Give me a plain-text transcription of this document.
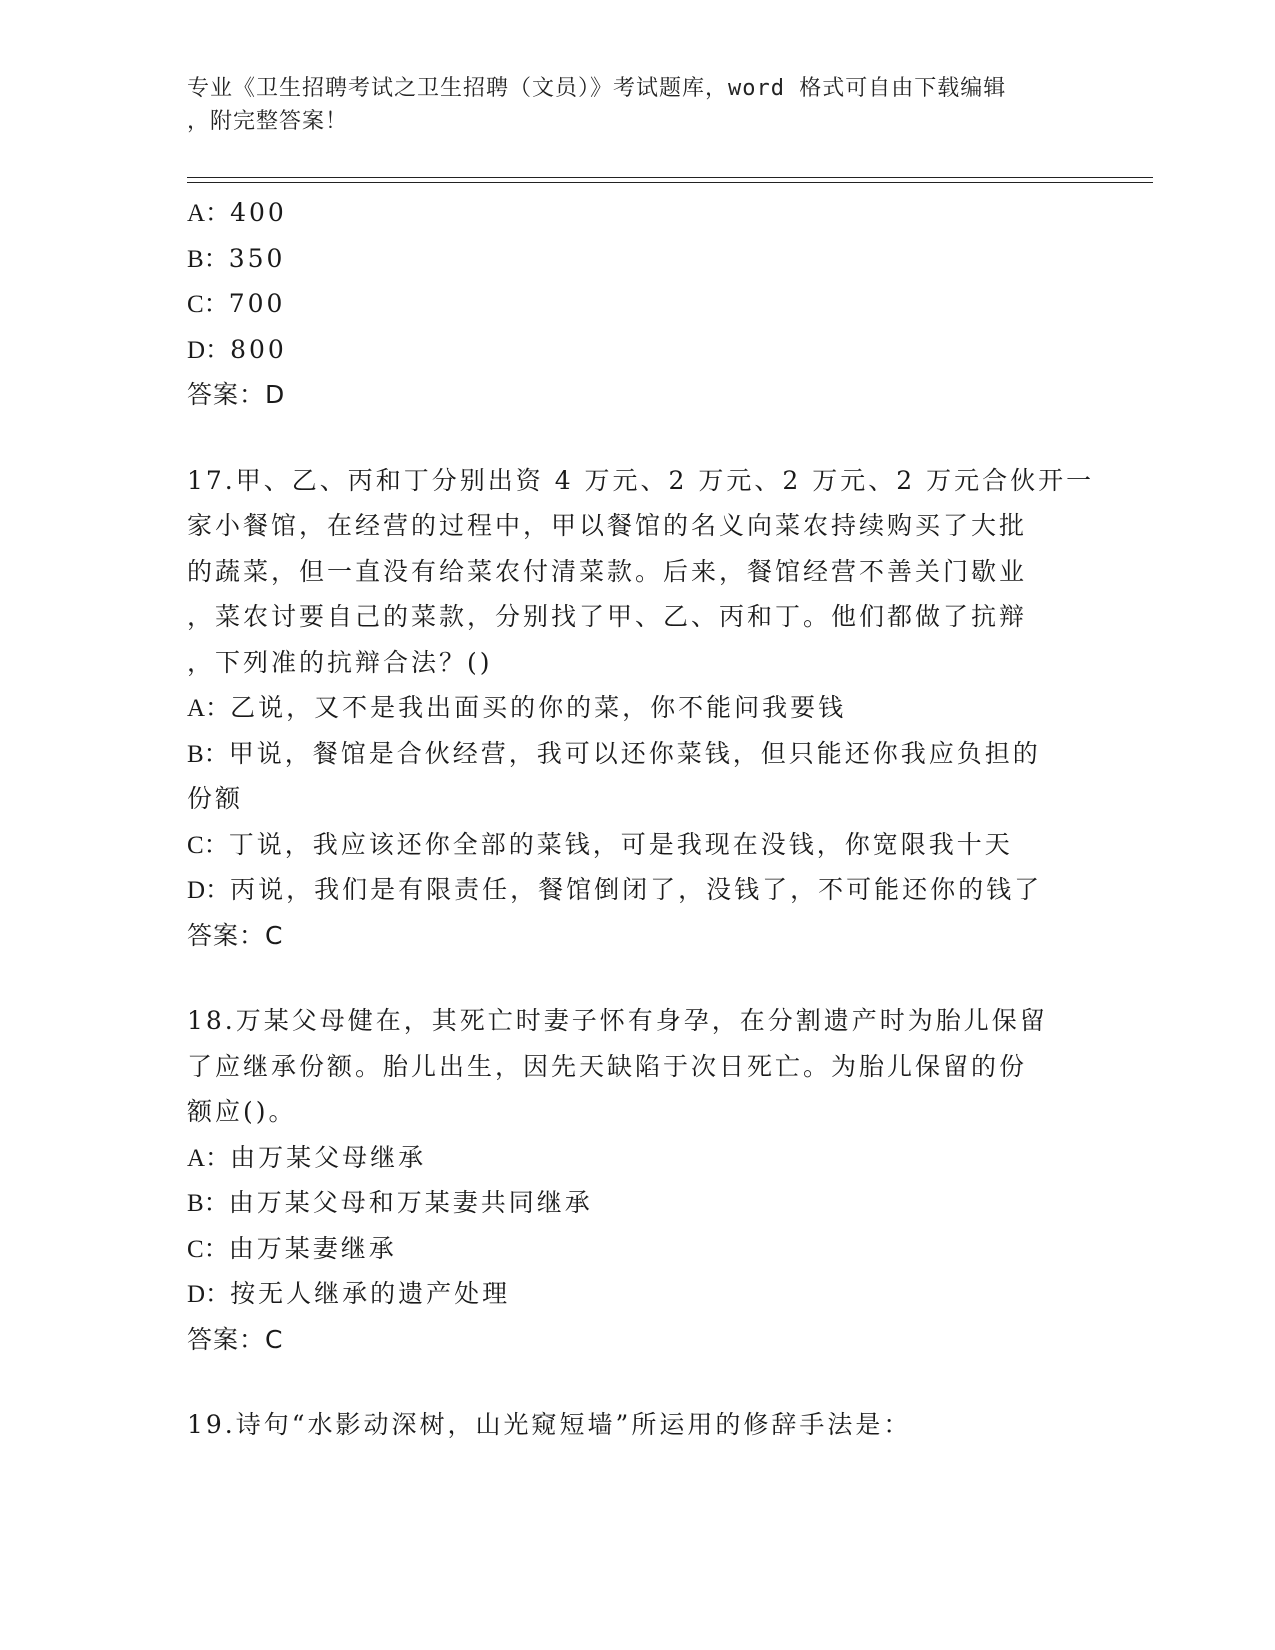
专业《卫生招聘考试之卫生招聘（文员）》考试题库，word 格式可自由下载编辑
，附完整答案！
A：400
B：350
C：700
D：800
答案：D
17.甲、乙、丙和丁分别出资 4 万元、2 万元、2 万元、2 万元合伙开一
家小餐馆，在经营的过程中，甲以餐馆的名义向菜农持续购买了大批
的蔬菜，但一直没有给菜农付清菜款。后来，餐馆经营不善关门歇业
，菜农讨要自己的菜款，分别找了甲、乙、丙和丁。他们都做了抗辩
，下列准的抗辩合法？()
A：乙说，又不是我出面买的你的菜，你不能问我要钱
B：甲说，餐馆是合伙经营，我可以还你菜钱，但只能还你我应负担的
份额
C：丁说，我应该还你全部的菜钱，可是我现在没钱，你宽限我十天
D：丙说，我们是有限责任，餐馆倒闭了，没钱了，不可能还你的钱了
答案：C
18.万某父母健在，其死亡时妻子怀有身孕，在分割遗产时为胎儿保留
了应继承份额。胎儿出生，因先天缺陷于次日死亡。为胎儿保留的份
额应()。
A：由万某父母继承
B：由万某父母和万某妻共同继承
C：由万某妻继承
D：按无人继承的遗产处理
答案：C
19.诗句“水影动深树，山光窥短墙”所运用的修辞手法是：
